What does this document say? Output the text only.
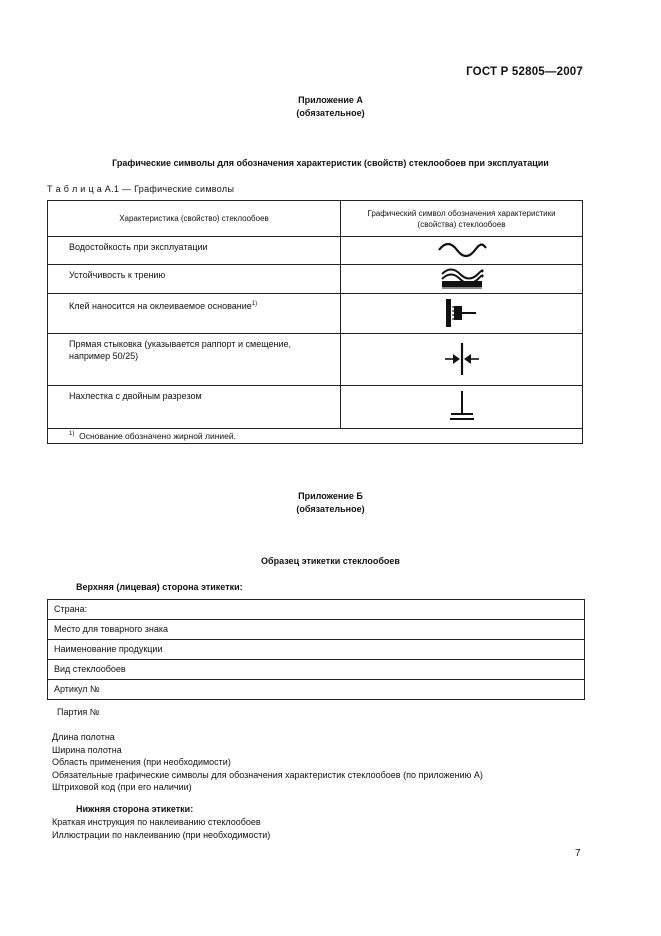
ГОСТ Р 52805—2007
Приложение А
(обязательное)
Графические символы для обозначения характеристик (свойств) стеклообоев при эксплуатации
Т а б л и ц а А.1 — Графические символы
Характеристика (свойство) стеклообоев	Графический символ обозначения характеристики (свойства) стеклообоев
Водостойкость при эксплуатации	
Устойчивость к трению	
Клей наносится на оклеиваемое основание$^{1)}$	
Прямая стыковка (указывается раппорт и смещение, например 50/25)	
Нахлестка с двойным разрезом	
$^{1)}$ Основание обозначено жирной линией.	
Приложение Б
(обязательное)
Образец этикетки стеклообоев
Верхняя (лицевая) сторона этикетки:
Страна:
Место для товарного знака
Наименование продукции
Вид стеклообоев
Артикул №
Партия №
Длина полотна
Ширина полотна
Область применения (при необходимости)
Обязательные графические символы для обозначения характеристик стеклообоев (по приложению А)
Штриховой код (при его наличии)
Нижняя сторона этикетки:
Краткая инструкция по наклеиванию стеклообоев
Иллюстрации по наклеиванию (при необходимости)
7
